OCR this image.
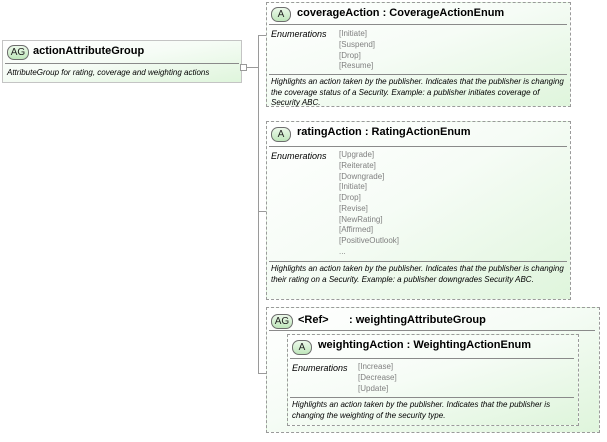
AG actionAttributeGroup
AttributeGroup for rating, coverage and weighting actions
A	coverageAction : CoverageActionEnum
Enumerations [Initiate]
[Suspend]
[Drop]
[Resume]
Highlights an action taken by the publisher. Indicates that the publisher is changing the coverage status of a Security. Example: a publisher initiates coverage of Security ABC.
A	ratingAction : RatingActionEnum
Enumerations [Upgrade]
[Reiterate]
[Downgrade]
[Initiate]
[Drop]
[Revise]
[NewRating]
[Affirmed]
[PositiveOutlook]
...
Highlights an action taken by the publisher. Indicates that the publisher is changing their rating on a Security. Example: a publisher downgrades Security ABC.
AG <Ref> : weightingAttributeGroup
A	weightingAction : WeightingActionEnum
Enumerations [Increase]
[Decrease]
[Update]
Highlights an action taken by the publisher. Indicates that the publisher is changing the weighting of the security type.
